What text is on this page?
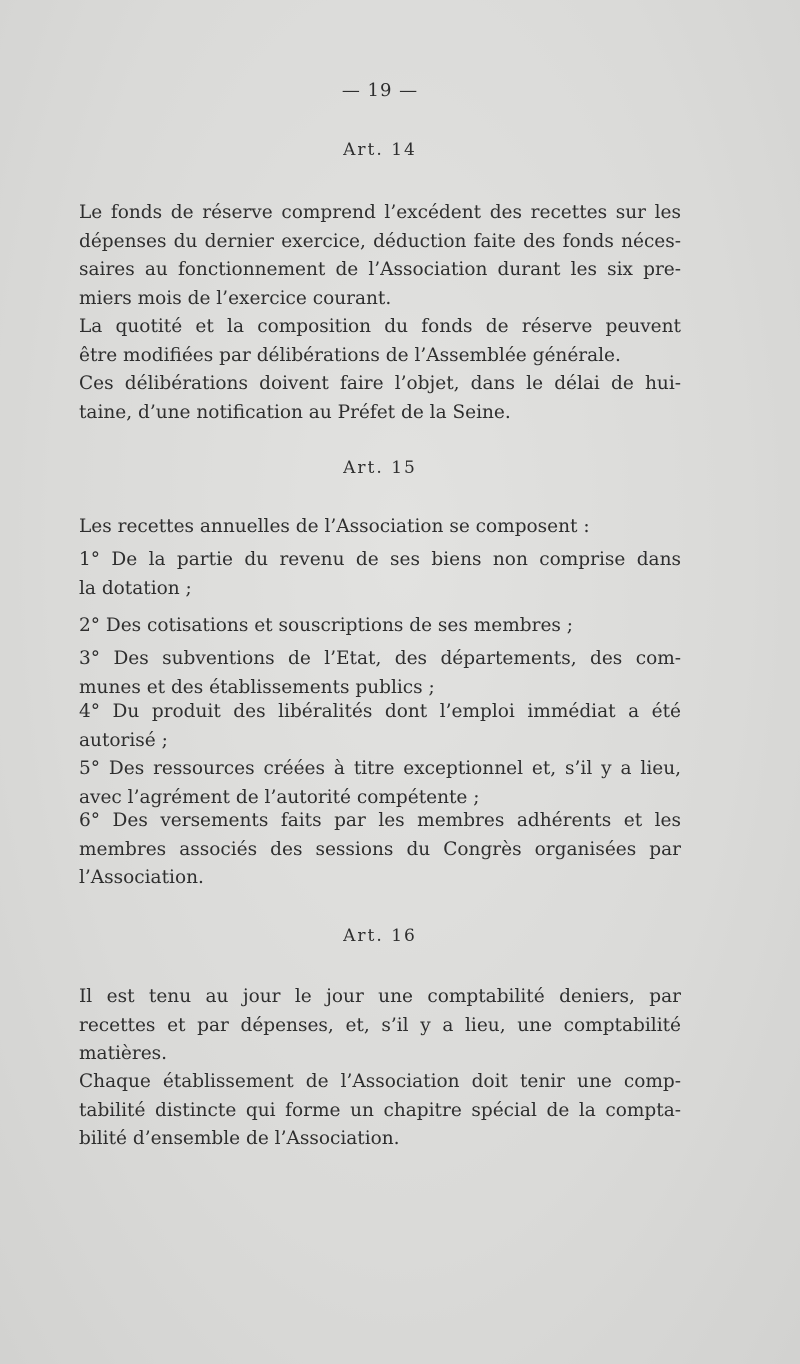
— 19 —
Art. 14
Le fonds de réserve comprend l’excédent des recettes sur les
dépenses du dernier exercice, déduction faite des fonds néces-
saires au fonctionnement de l’Association durant les six pre-
miers mois de l’exercice courant.
La quotité et la composition du fonds de réserve peuvent
être modifiées par délibérations de l’Assemblée générale.
Ces délibérations doivent faire l’objet, dans le délai de hui-
taine, d’une notification au Préfet de la Seine.
Art. 15
Les recettes annuelles de l’Association se composent :
1° De la partie du revenu de ses biens non comprise dans
la dotation ;
2° Des cotisations et souscriptions de ses membres ;
3° Des subventions de l’Etat, des départements, des com-
munes et des établissements publics ;
4° Du produit des libéralités dont l’emploi immédiat a été
autorisé ;
5° Des ressources créées à titre exceptionnel et, s’il y a lieu,
avec l’agrément de l’autorité compétente ;
6° Des versements faits par les membres adhérents et les
membres associés des sessions du Congrès organisées par
l’Association.
Art. 16
Il est tenu au jour le jour une comptabilité deniers, par
recettes et par dépenses, et, s’il y a lieu, une comptabilité
matières.
Chaque établissement de l’Association doit tenir une comp-
tabilité distincte qui forme un chapitre spécial de la compta-
bilité d’ensemble de l’Association.
